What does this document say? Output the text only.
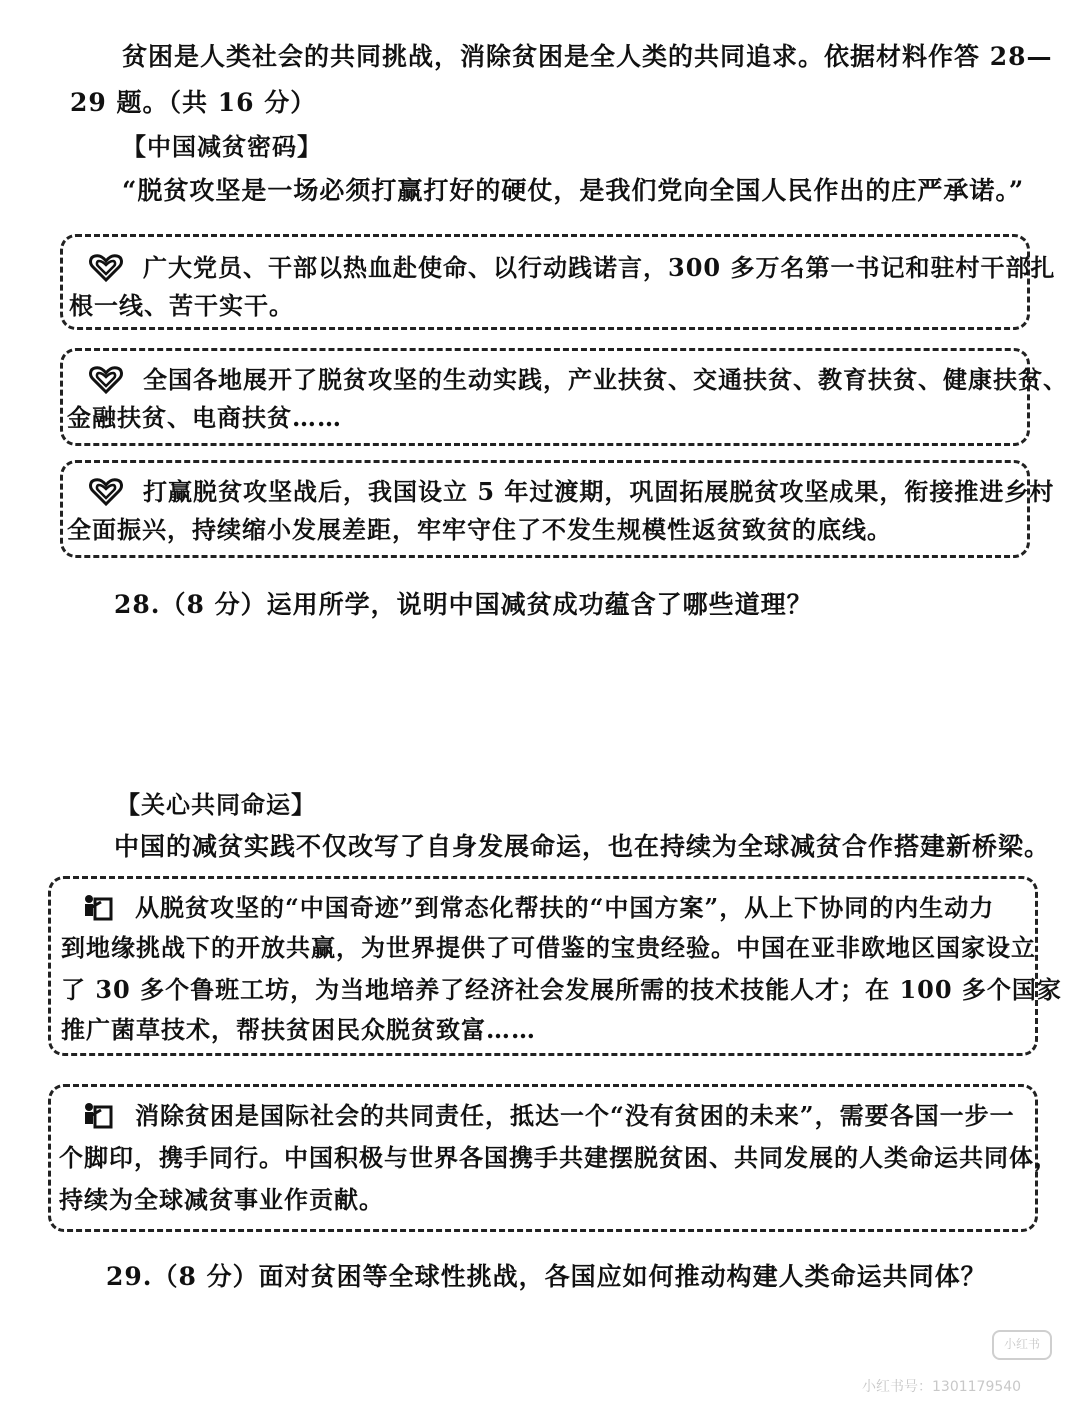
贫困是人类社会的共同挑战，消除贫困是全人类的共同追求。依据材料作答 28—
29 题。（共 16 分）
【中国减贫密码】
“脱贫攻坚是一场必须打赢打好的硬仗，是我们党向全国人民作出的庄严承诺。”
广大党员、干部以热血赴使命、以行动践诺言，300 多万名第一书记和驻村干部扎
根一线、苦干实干。
全国各地展开了脱贫攻坚的生动实践，产业扶贫、交通扶贫、教育扶贫、健康扶贫、
金融扶贫、电商扶贫……
打赢脱贫攻坚战后，我国设立 5 年过渡期，巩固拓展脱贫攻坚成果，衔接推进乡村
全面振兴，持续缩小发展差距，牢牢守住了不发生规模性返贫致贫的底线。
28.（8 分）运用所学，说明中国减贫成功蕴含了哪些道理？
【关心共同命运】
中国的减贫实践不仅改写了自身发展命运，也在持续为全球减贫合作搭建新桥梁。
从脱贫攻坚的“中国奇迹”到常态化帮扶的“中国方案”，从上下协同的内生动力
到地缘挑战下的开放共赢，为世界提供了可借鉴的宝贵经验。中国在亚非欧地区国家设立
了 30 多个鲁班工坊，为当地培养了经济社会发展所需的技术技能人才；在 100 多个国家
推广菌草技术，帮扶贫困民众脱贫致富……
消除贫困是国际社会的共同责任，抵达一个“没有贫困的未来”，需要各国一步一
个脚印，携手同行。中国积极与世界各国携手共建摆脱贫困、共同发展的人类命运共同体，
持续为全球减贫事业作贡献。
29.（8 分）面对贫困等全球性挑战，各国应如何推动构建人类命运共同体？
小红书
小红书号：1301179540
